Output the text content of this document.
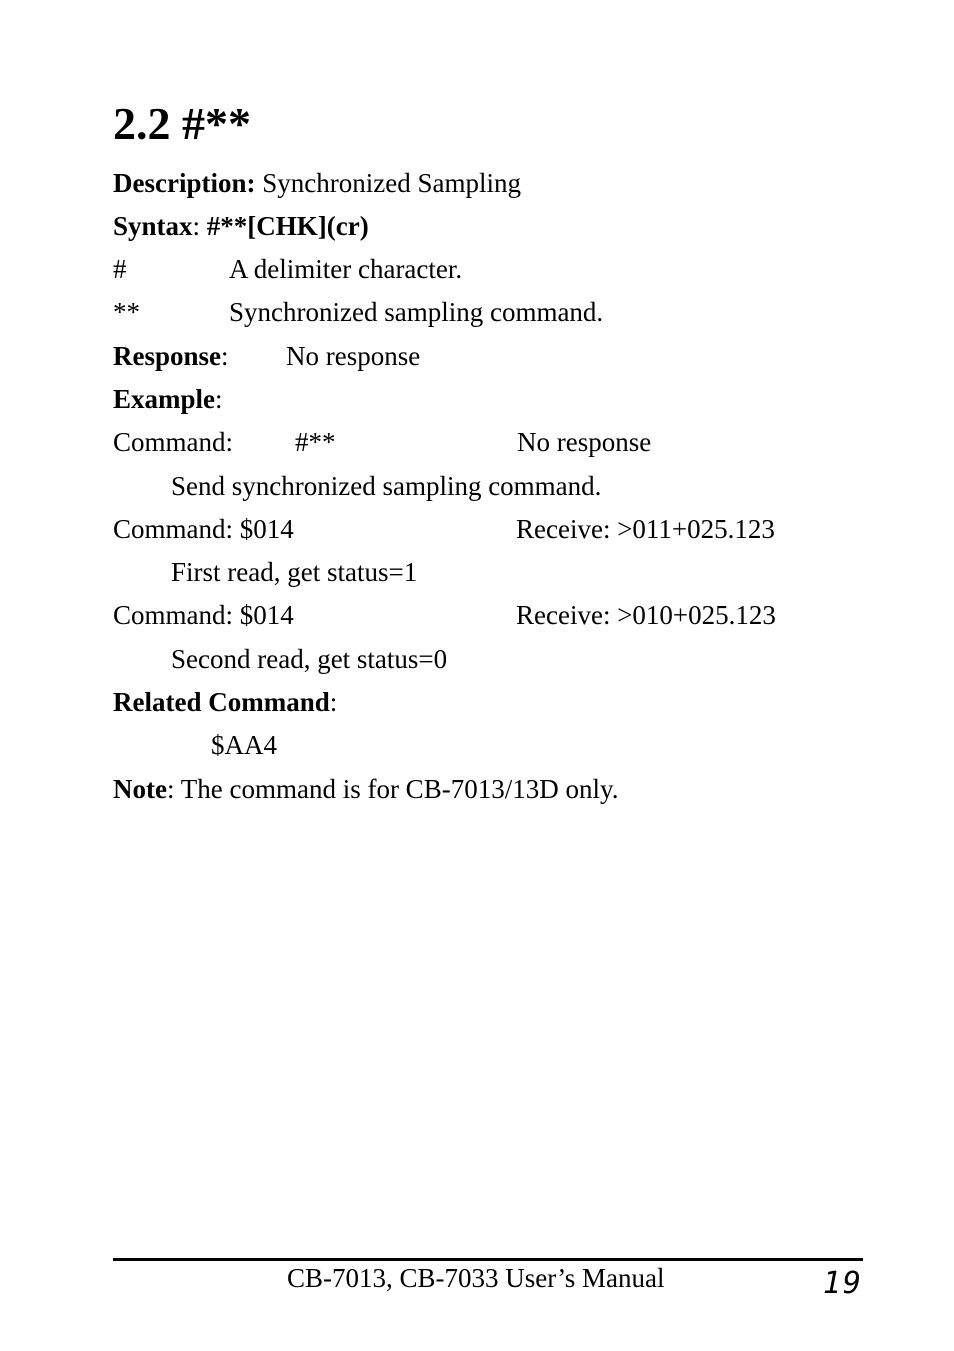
2.2 #**
Description: Synchronized Sampling
Syntax: #**[CHK](cr)
#	A delimiter character.
**	Synchronized sampling command.
Response: No response
Example:
Command: #**	No response
Send synchronized sampling command.
Command: $014	Receive: >011+025.123
First read, get status=1
Command: $014	Receive: >010+025.123
Second read, get status=0
Related Command:
$AA4
Note: The command is for CB-7013/13D only.
CB-7013, CB-7033 User’s Manual	19
